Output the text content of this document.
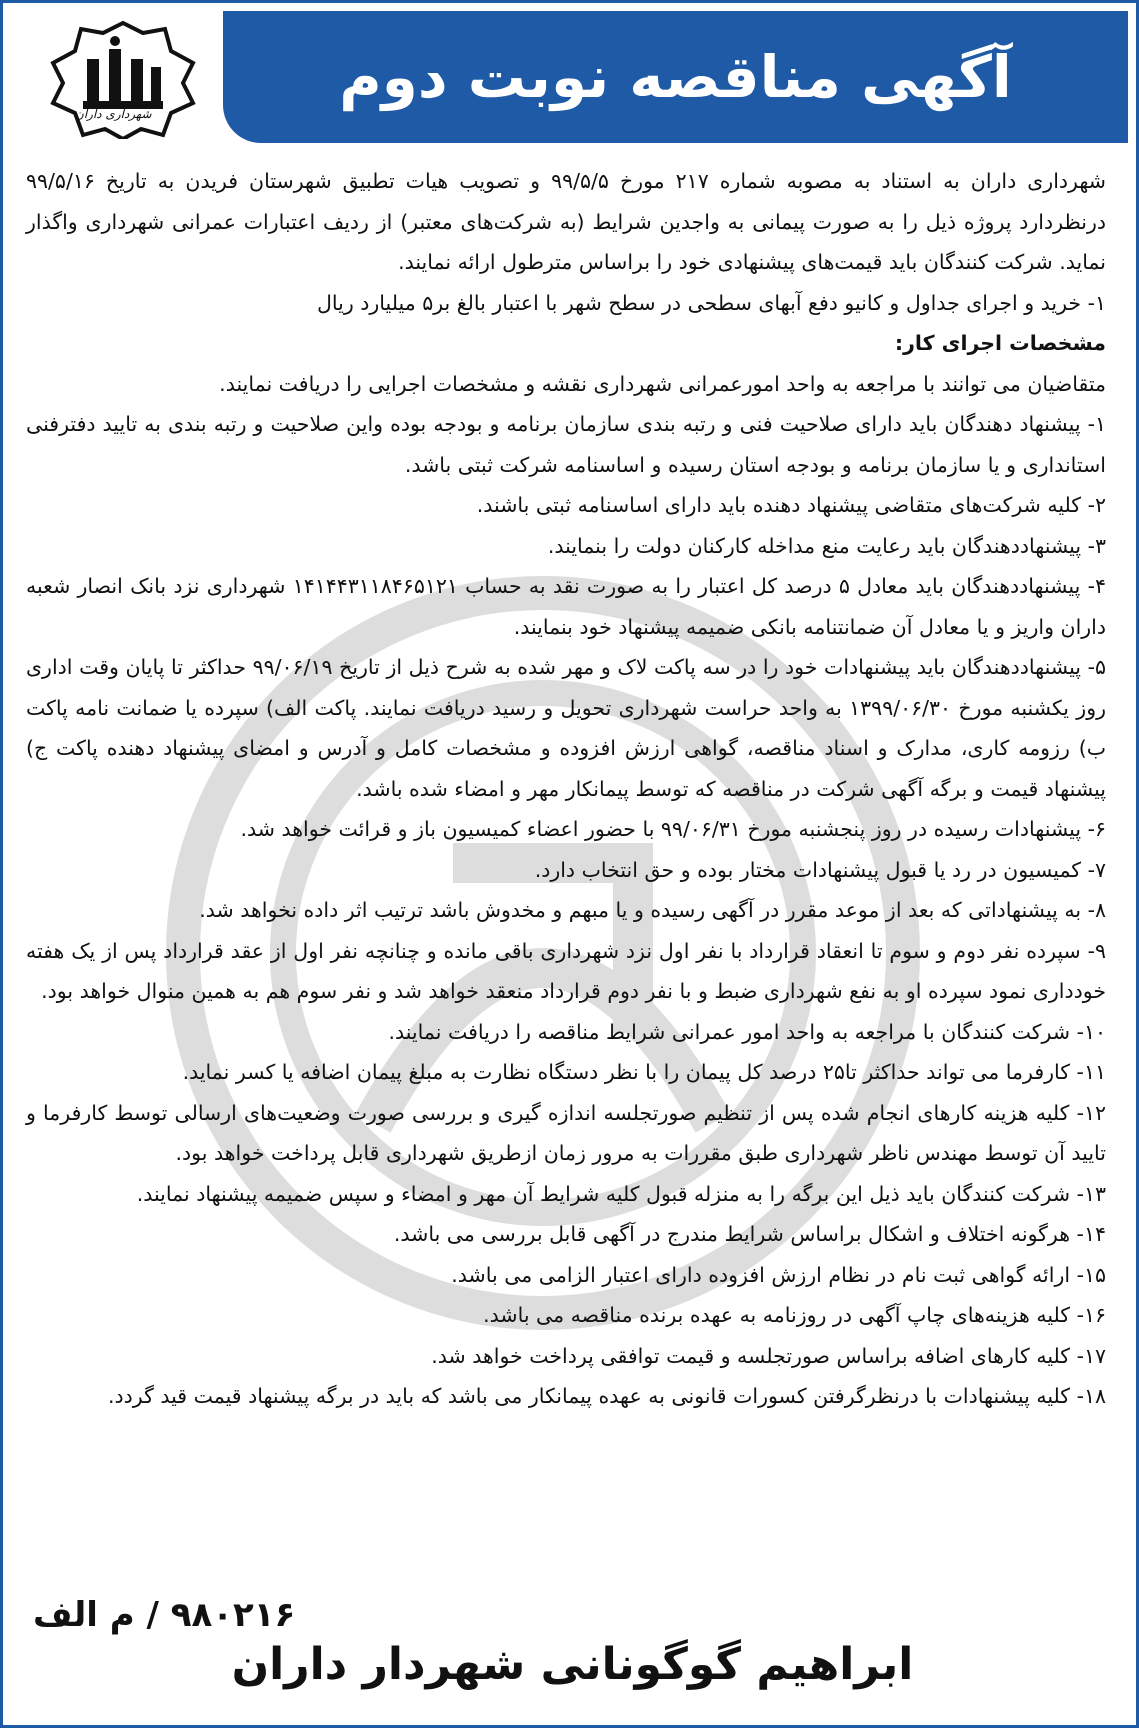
شهرداری داران
آگهی مناقصه نوبت دوم

شهرداری داران به استناد به مصوبه شماره ۲۱۷ مورخ ۹۹/۵/۵ و تصویب هیات تطبیق شهرستان فریدن به تاریخ ۹۹/۵/۱۶ درنظردارد پروژه ذیل را به صورت پیمانی به واجدین شرایط (به شرکت‌های معتبر) از ردیف اعتبارات عمرانی شهرداری واگذار نماید. شرکت کنندگان باید قیمت‌های پیشنهادی خود را براساس مترطول ارائه نمایند.

۱- خرید و اجرای جداول و کانیو دفع آبهای سطحی در سطح شهر با اعتبار بالغ بر۵ میلیارد ریال

مشخصات اجرای کار:

متقاضیان می توانند با مراجعه به واحد امورعمرانی شهرداری نقشه و مشخصات اجرایی را دریافت نمایند.

۱- پیشنهاد دهندگان باید دارای صلاحیت فنی و رتبه بندی سازمان برنامه و بودجه بوده واین صلاحیت و رتبه بندی به تایید دفترفنی استانداری و یا سازمان برنامه و بودجه استان رسیده و اساسنامه شرکت ثبتی باشد.

۲- کلیه شرکت‌های متقاضی پیشنهاد دهنده باید دارای اساسنامه ثبتی باشند.

۳- پیشنهاددهندگان باید رعایت منع مداخله کارکنان دولت را بنمایند.

۴- پیشنهاددهندگان باید معادل ۵ درصد کل اعتبار را به صورت نقد به حساب ۱۴۱۴۴۳۱۱۸۴۶۵۱۲۱ شهرداری نزد بانک انصار شعبه داران واریز و یا معادل آن ضمانتنامه بانکی ضمیمه پیشنهاد خود بنمایند.

۵- پیشنهاددهندگان باید پیشنهادات خود را در سه پاکت لاک و مهر شده به شرح ذیل از تاریخ ۹۹/۰۶/۱۹ حداکثر تا پایان وقت اداری روز یکشنبه مورخ ۱۳۹۹/۰۶/۳۰ به واحد حراست شهرداری تحویل و رسید دریافت نمایند. پاکت الف) سپرده یا ضمانت نامه پاکت ب) رزومه کاری، مدارک و اسناد مناقصه، گواهی ارزش افزوده و مشخصات کامل و آدرس و امضای پیشنهاد دهنده پاکت ج) پیشنهاد قیمت و برگه آگهی شرکت در مناقصه که توسط پیمانکار مهر و امضاء شده باشد.

۶- پیشنهادات رسیده در روز پنجشنبه مورخ ۹۹/۰۶/۳۱ با حضور اعضاء کمیسیون باز و قرائت خواهد شد.

۷- کمیسیون در رد یا قبول پیشنهادات مختار بوده و حق انتخاب دارد.

۸- به پیشنهاداتی که بعد از موعد مقرر در آگهی رسیده و یا مبهم و مخدوش باشد ترتیب اثر داده نخواهد شد.

۹- سپرده نفر دوم و سوم تا انعقاد قرارداد با نفر اول نزد شهرداری باقی مانده و چنانچه نفر اول از عقد قرارداد پس از یک هفته خودداری نمود سپرده او به نفع شهرداری ضبط و با نفر دوم قرارداد منعقد خواهد شد و نفر سوم هم به همین منوال خواهد بود.

۱۰- شرکت کنندگان با مراجعه به واحد امور عمرانی شرایط مناقصه را دریافت نمایند.

۱۱- کارفرما می تواند حداکثر تا۲۵ درصد کل پیمان را با نظر دستگاه نظارت به مبلغ پیمان اضافه یا کسر نماید.

۱۲- کلیه هزینه کارهای انجام شده پس از تنظیم صورتجلسه اندازه گیری و بررسی صورت وضعیت‌های ارسالی توسط کارفرما و تایید آن توسط مهندس ناظر شهرداری طبق مقررات به مرور زمان ازطریق شهرداری قابل پرداخت خواهد بود.

۱۳- شرکت کنندگان باید ذیل این برگه را به منزله قبول کلیه شرایط آن مهر و امضاء و سپس ضمیمه پیشنهاد نمایند.

۱۴- هرگونه اختلاف و اشکال براساس شرایط مندرج در آگهی قابل بررسی می باشد.

۱۵- ارائه گواهی ثبت نام در نظام ارزش افزوده دارای اعتبار الزامی می باشد.

۱۶- کلیه هزینه‌های چاپ آگهی در روزنامه به عهده برنده مناقصه می باشد.

۱۷- کلیه کارهای اضافه براساس صورتجلسه و قیمت توافقی پرداخت خواهد شد.

۱۸- کلیه پیشنهادات با درنظرگرفتن کسورات قانونی به عهده پیمانکار می باشد که باید در برگه پیشنهاد قیمت قید گردد.

۹۸۰۲۱۶ / م الف
ابراهیم گوگونانی شهردار داران
